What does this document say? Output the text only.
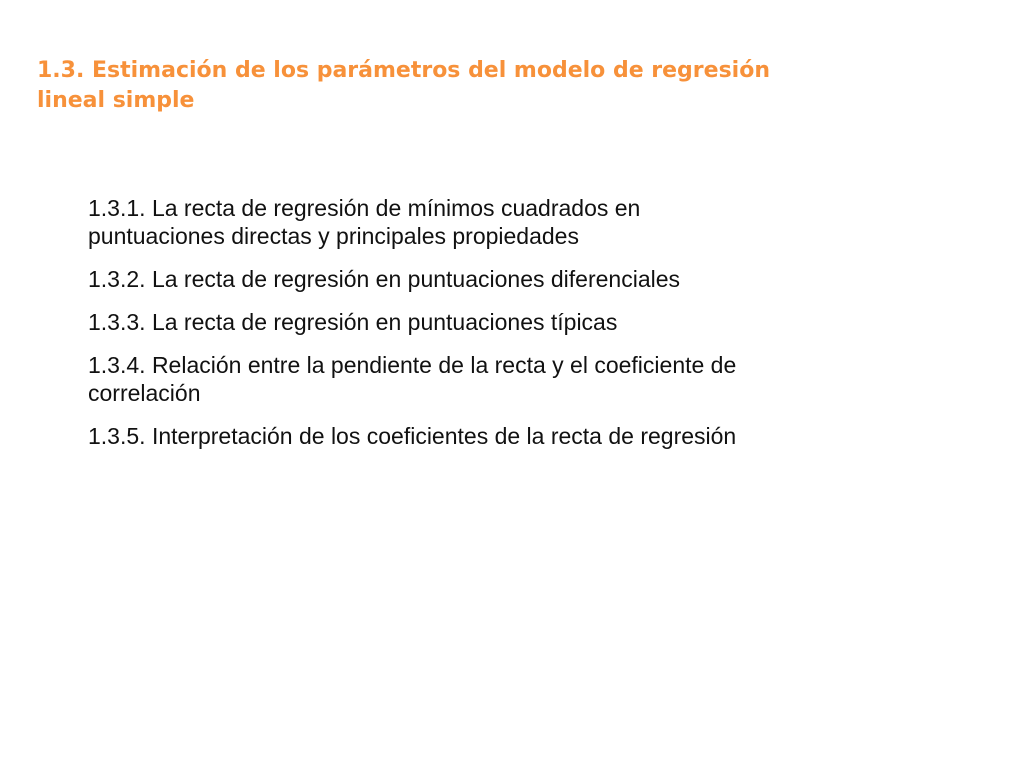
1.3. Estimación de los parámetros del modelo de regresión
lineal simple
1.3.1. La recta de regresión de mínimos cuadrados en
puntuaciones directas y principales propiedades
1.3.2. La recta de regresión en puntuaciones diferenciales
1.3.3. La recta de regresión en puntuaciones típicas
1.3.4. Relación entre la pendiente de la recta y el coeficiente de
correlación
1.3.5. Interpretación de los coeficientes de la recta de regresión
